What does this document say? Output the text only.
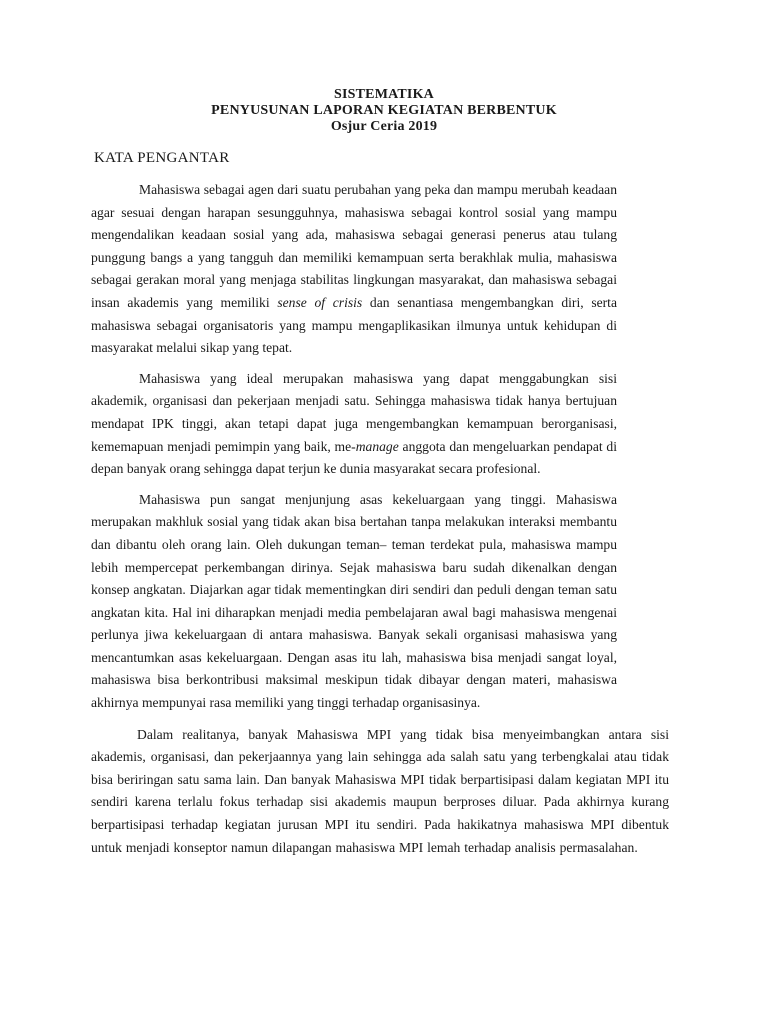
SISTEMATIKA
PENYUSUNAN LAPORAN KEGIATAN BERBENTUK
Osjur Ceria 2019
KATA PENGANTAR

Mahasiswa sebagai agen dari suatu perubahan yang peka dan mampu merubah keadaan agar sesuai dengan harapan sesungguhnya, mahasiswa sebagai kontrol sosial yang mampu mengendalikan keadaan sosial yang ada, mahasiswa sebagai generasi penerus atau tulang punggung bangs a yang tangguh dan memiliki kemampuan serta berakhlak mulia, mahasiswa sebagai gerakan moral yang menjaga stabilitas lingkungan masyarakat, dan mahasiswa sebagai insan akademis yang memiliki sense of crisis dan senantiasa mengembangkan diri, serta mahasiswa sebagai organisatoris yang mampu mengaplikasikan ilmunya untuk kehidupan di masyarakat melalui sikap yang tepat.

Mahasiswa yang ideal merupakan mahasiswa yang dapat menggabungkan sisi akademik, organisasi dan pekerjaan menjadi satu. Sehingga mahasiswa tidak hanya bertujuan mendapat IPK tinggi, akan tetapi dapat juga mengembangkan kemampuan berorganisasi, kememapuan menjadi pemimpin yang baik, me-manage anggota dan mengeluarkan pendapat di depan banyak orang sehingga dapat terjun ke dunia masyarakat secara profesional.

Mahasiswa pun sangat menjunjung asas kekeluargaan yang tinggi. Mahasiswa merupakan makhluk sosial yang tidak akan bisa bertahan tanpa melakukan interaksi membantu dan dibantu oleh orang lain. Oleh dukungan teman– teman terdekat pula, mahasiswa mampu lebih mempercepat perkembangan dirinya. Sejak mahasiswa baru sudah dikenalkan dengan konsep angkatan. Diajarkan agar tidak mementingkan diri sendiri dan peduli dengan teman satu angkatan kita. Hal ini diharapkan menjadi media pembelajaran awal bagi mahasiswa mengenai perlunya jiwa kekeluargaan di antara mahasiswa. Banyak sekali organisasi mahasiswa yang mencantumkan asas kekeluargaan. Dengan asas itu lah, mahasiswa bisa menjadi sangat loyal, mahasiswa bisa berkontribusi maksimal meskipun tidak dibayar dengan materi, mahasiswa akhirnya mempunyai rasa memiliki yang tinggi terhadap organisasinya.

Dalam realitanya, banyak Mahasiswa MPI yang tidak bisa menyeimbangkan antara sisi akademis, organisasi, dan pekerjaannya yang lain sehingga ada salah satu yang terbengkalai atau tidak bisa beriringan satu sama lain. Dan banyak Mahasiswa MPI tidak berpartisipasi dalam kegiatan MPI itu sendiri karena terlalu fokus terhadap sisi akademis maupun berproses diluar. Pada akhirnya kurang berpartisipasi terhadap kegiatan jurusan MPI itu sendiri. Pada hakikatnya mahasiswa MPI dibentuk untuk menjadi konseptor namun dilapangan mahasiswa MPI lemah terhadap analisis permasalahan.
